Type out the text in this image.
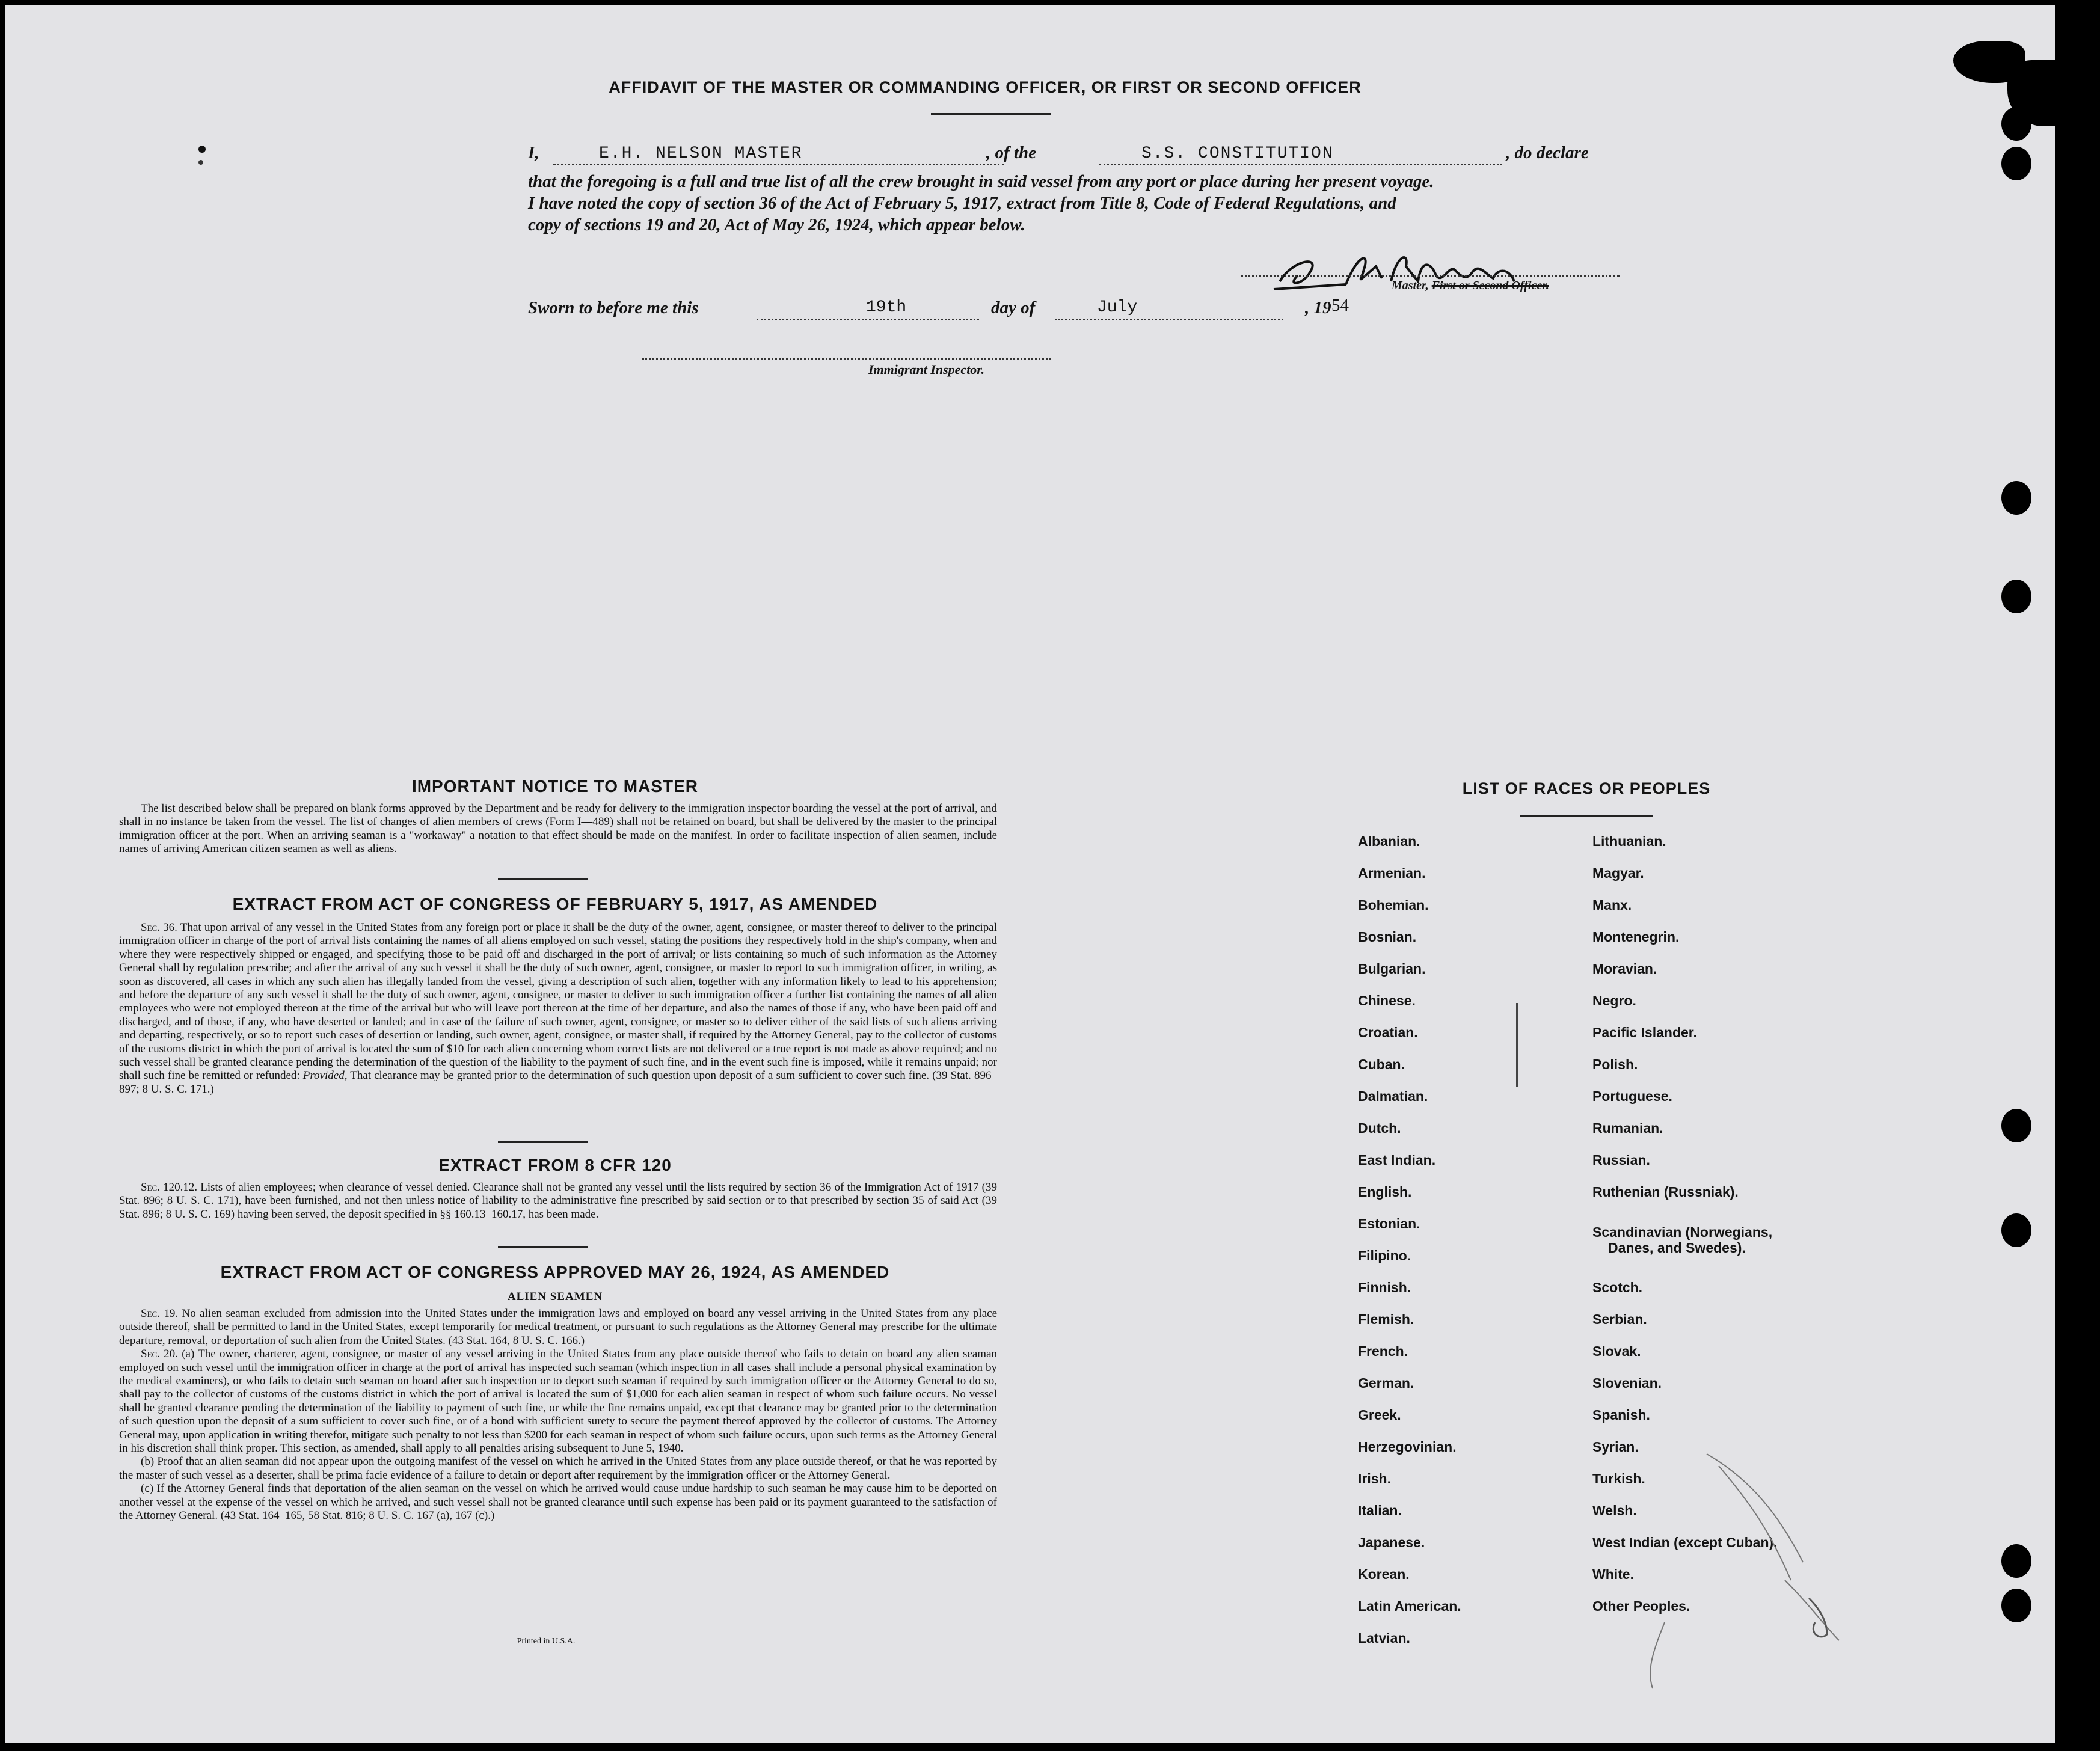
AFFIDAVIT OF THE MASTER OR COMMANDING OFFICER, OR FIRST OR SECOND OFFICER
I,	E.H. NELSON MASTER	, of the	S.S. CONSTITUTION	, do declare
that the foregoing is a full and true list of all the crew brought in said vessel from any port or place during her present voyage.
I have noted the copy of section 36 of the Act of February 5, 1917, extract from Title 8, Code of Federal Regulations, and
copy of sections 19 and 20, Act of May 26, 1924, which appear below.
Master, First or Second Officer.
Sworn to before me this	19th	day of	July	, 19 54
Immigrant Inspector.
IMPORTANT NOTICE TO MASTER

The list described below shall be prepared on blank forms approved by the Department and be ready for delivery to the immigration inspector boarding the vessel at the port of arrival, and shall in no instance be taken from the vessel. The list of changes of alien members of crews (Form I—489) shall not be retained on board, but shall be delivered by the master to the principal immigration officer at the port. When an arriving seaman is a "workaway" a notation to that effect should be made on the manifest. In order to facilitate inspection of alien seamen, include names of arriving American citizen seamen as well as aliens.

EXTRACT FROM ACT OF CONGRESS OF FEBRUARY 5, 1917, AS AMENDED

Sec. 36. That upon arrival of any vessel in the United States from any foreign port or place it shall be the duty of the owner, agent, consignee, or master thereof to deliver to the principal immigration officer in charge of the port of arrival lists containing the names of all aliens employed on such vessel, stating the positions they respectively hold in the ship's company, when and where they were respectively shipped or engaged, and specifying those to be paid off and discharged in the port of arrival; or lists containing so much of such information as the Attorney General shall by regulation prescribe; and after the arrival of any such vessel it shall be the duty of such owner, agent, consignee, or master to report to such immigration officer, in writing, as soon as discovered, all cases in which any such alien has illegally landed from the vessel, giving a description of such alien, together with any information likely to lead to his apprehension; and before the departure of any such vessel it shall be the duty of such owner, agent, consignee, or master to deliver to such immigration officer a further list containing the names of all alien employees who were not employed thereon at the time of the arrival but who will leave port thereon at the time of her departure, and also the names of those if any, who have been paid off and discharged, and of those, if any, who have deserted or landed; and in case of the failure of such owner, agent, consignee, or master so to deliver either of the said lists of such aliens arriving and departing, respectively, or so to report such cases of desertion or landing, such owner, agent, consignee, or master shall, if required by the Attorney General, pay to the collector of customs of the customs district in which the port of arrival is located the sum of $10 for each alien concerning whom correct lists are not delivered or a true report is not made as above required; and no such vessel shall be granted clearance pending the determination of the question of the liability to the payment of such fine, and in the event such fine is imposed, while it remains unpaid; nor shall such fine be remitted or refunded: Provided, That clearance may be granted prior to the determination of such question upon deposit of a sum sufficient to cover such fine. (39 Stat. 896–897; 8 U. S. C. 171.)

EXTRACT FROM 8 CFR 120

Sec. 120.12. Lists of alien employees; when clearance of vessel denied. Clearance shall not be granted any vessel until the lists required by section 36 of the Immigration Act of 1917 (39 Stat. 896; 8 U. S. C. 171), have been furnished, and not then unless notice of liability to the administrative fine prescribed by said section or to that prescribed by section 35 of said Act (39 Stat. 896; 8 U. S. C. 169) having been served, the deposit specified in §§ 160.13–160.17, has been made.

EXTRACT FROM ACT OF CONGRESS APPROVED MAY 26, 1924, AS AMENDED
ALIEN SEAMEN

Sec. 19. No alien seaman excluded from admission into the United States under the immigration laws and employed on board any vessel arriving in the United States from any place outside thereof, shall be permitted to land in the United States, except temporarily for medical treatment, or pursuant to such regulations as the Attorney General may prescribe for the ultimate departure, removal, or deportation of such alien from the United States. (43 Stat. 164, 8 U. S. C. 166.)

Sec. 20. (a) The owner, charterer, agent, consignee, or master of any vessel arriving in the United States from any place outside thereof who fails to detain on board any alien seaman employed on such vessel until the immigration officer in charge at the port of arrival has inspected such seaman (which inspection in all cases shall include a personal physical examination by the medical examiners), or who fails to detain such seaman on board after such inspection or to deport such seaman if required by such immigration officer or the Attorney General to do so, shall pay to the collector of customs of the customs district in which the port of arrival is located the sum of $1,000 for each alien seaman in respect of whom such failure occurs. No vessel shall be granted clearance pending the determination of the liability to payment of such fine, or while the fine remains unpaid, except that clearance may be granted prior to the determination of such question upon the deposit of a sum sufficient to cover such fine, or of a bond with sufficient surety to secure the payment thereof approved by the collector of customs. The Attorney General may, upon application in writing therefor, mitigate such penalty to not less than $200 for each seaman in respect of whom such failure occurs, upon such terms as the Attorney General in his discretion shall think proper. This section, as amended, shall apply to all penalties arising subsequent to June 5, 1940.

(b) Proof that an alien seaman did not appear upon the outgoing manifest of the vessel on which he arrived in the United States from any place outside thereof, or that he was reported by the master of such vessel as a deserter, shall be prima facie evidence of a failure to detain or deport after requirement by the immigration officer or the Attorney General.

(c) If the Attorney General finds that deportation of the alien seaman on the vessel on which he arrived would cause undue hardship to such seaman he may cause him to be deported on another vessel at the expense of the vessel on which he arrived, and such vessel shall not be granted clearance until such expense has been paid or its payment guaranteed to the satisfaction of the Attorney General. (43 Stat. 164–165, 58 Stat. 816; 8 U. S. C. 167 (a), 167 (c).)

Printed in U.S.A.
LIST OF RACES OR PEOPLES
Albanian.
Armenian.
Bohemian.
Bosnian.
Bulgarian.
Chinese.
Croatian.
Cuban.
Dalmatian.
Dutch.
East Indian.
English.
Estonian.
Filipino.
Finnish.
Flemish.
French.
German.
Greek.
Herzegovinian.
Irish.
Italian.
Japanese.
Korean.
Latin American.
Latvian.
Lithuanian.
Magyar.
Manx.
Montenegrin.
Moravian.
Negro.
Pacific Islander.
Polish.
Portuguese.
Rumanian.
Russian.
Ruthenian (Russniak).
Scandinavian (Norwegians,
Danes, and Swedes).
Scotch.
Serbian.
Slovak.
Slovenian.
Spanish.
Syrian.
Turkish.
Welsh.
West Indian (except Cuban).
White.
Other Peoples.
